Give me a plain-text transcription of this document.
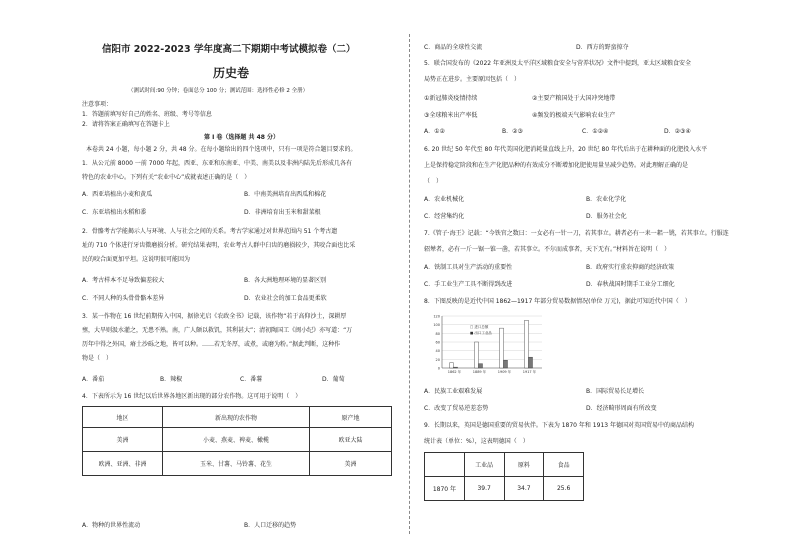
信阳市 2022-2023 学年度高二下期期中考试模拟卷（二）
历史卷
（测试时间:90 分钟；卷面总分 100 分；测试范围：选择性必修 2 全册）
注意事项：
1．答题前填写好自己的姓名、班级、考号等信息
2．请将答案正确填写在答题卡上
第 I 卷（选择题 共 48 分）
本卷共 24 小题，每小题 2 分，共 48 分。在每小题给出的四个选项中，只有一项是符合题目要求的。
1．从公元前 8000 一前 7000 年起，西亚、东亚和东南亚、中美、南美以及非洲内陆先后形成几各有
特色的农业中心。下列有关“农业中心”成就表述正确的是（　）
A．西亚培植出小麦和黄瓜	B．中南美洲培育出西瓜和棉花
C．东亚培植出水稻和黍	D．非洲培育出玉米和甜菜根
2．骨骼考古学能揭示人与环境、人与社会之间的关系。考古学家通过对世界范围内 51 个考古遗
址的 710 个体进行牙齿微磨损分析。研究结果表明，农业考古人群中臼齿的磨损较少，其咬合面也比采
民的咬合面更加平坦。这说明很可能因为
A．考古样本不足导致偏差较大	B．各大洲地理环境的显著区别
C．不同人种的头骨骨骼本差异	D．农业社会的加工食品更柔软
3．某一作物在 16 世纪前期传入中国，据徐光启《农政全书》记载，该作物“若于高仰沙土，深耕厚
壅，大旱则汲水灌之，无患不熟。南，广人颇以救饥，其利甚大”；清初陶国工《闽小纪》亦写道：“万
历年中得之外国，瘠土沙砾之地，皆可以种。……若无冬厚，或煮，或磨为粉。”据此判断，这种作
物是（　）
A．番茄	B．辣椒	C．番薯	D．葡萄
4．下表所示为 16 世纪以后世界各地区新出现的部分农作物。这可用于说明（　）
地区	新出现的农作物	原产地
美洲	小麦、燕麦、裨麦、橄榄	欧亚大陆
欧洲、亚洲、非洲	玉米、甘薯、马铃薯、花生	美洲
A．物种的世界性流动	B．人口迁移的趋势
C．商品的全球性交流	D．西方的野蛮掠夺
5．联合国发布的《2022 年亚洲及太平洋区域粮食安全与营养状况》文件中提到，亚太区域粮食安全
局势正在进步。主要原因包括（　）
①新冠肺炎疫情持续	②主要产粮国处于大国冲突地带
③全球粮米出产率低	④频发的极端天气影响农业生产
A．①②	B．②③	C．①②④	D．②③④
6. 20 世纪 50 年代至 80 年代美国化肥消耗量直线上升，20 世纪 80 年代后出于在耕种面的化肥投入水平
上是保持稳定阶段和在生产化肥品种的有效成分不断增加化肥使用量呈减少趋势。对此理解正确的是
（　）
A．农业机械化	B．农业化学化
C．经营集约化	D．服务社会化
7.《管子·海王》记载：“今铁官之数曰：一女必有一针一刀，若其事立。耕者必有一耒一耜一铫，若其事立。行服连
轺辇者，必有一斤一锯一锥一凿，若其事立。不尔而成事者，天下无有。”材料旨在说明（　）
A．铁制工具对生产活动的重要性	B．政府实行重农抑商的经济政策
C．手工业生产工具不断得到改进	D．春秋战国时期手工业分工细化
8．下图反映的是近代中国 1862—1917 年部分贸易数据情况(单位 万元)，据此可知近代中国（　）
120
100
80
60
40
20
0
1862 年	1889 年	1909 年	1917 年
□ 进口总额
■ 出口工业品
A．民族工业艰难发展	B．国际贸易长足增长
C．改变了贸易逆差态势	D．经济畸形周面有所改变
9．长期以来，英国是德国重要的贸易伙伴。下表为 1870 年和 1913 年德国对英国贸易中的商品结构
统计表（单位：%），这表明德国（　）
	工业品	原料	食品
1870 年	39.7	34.7	25.6
